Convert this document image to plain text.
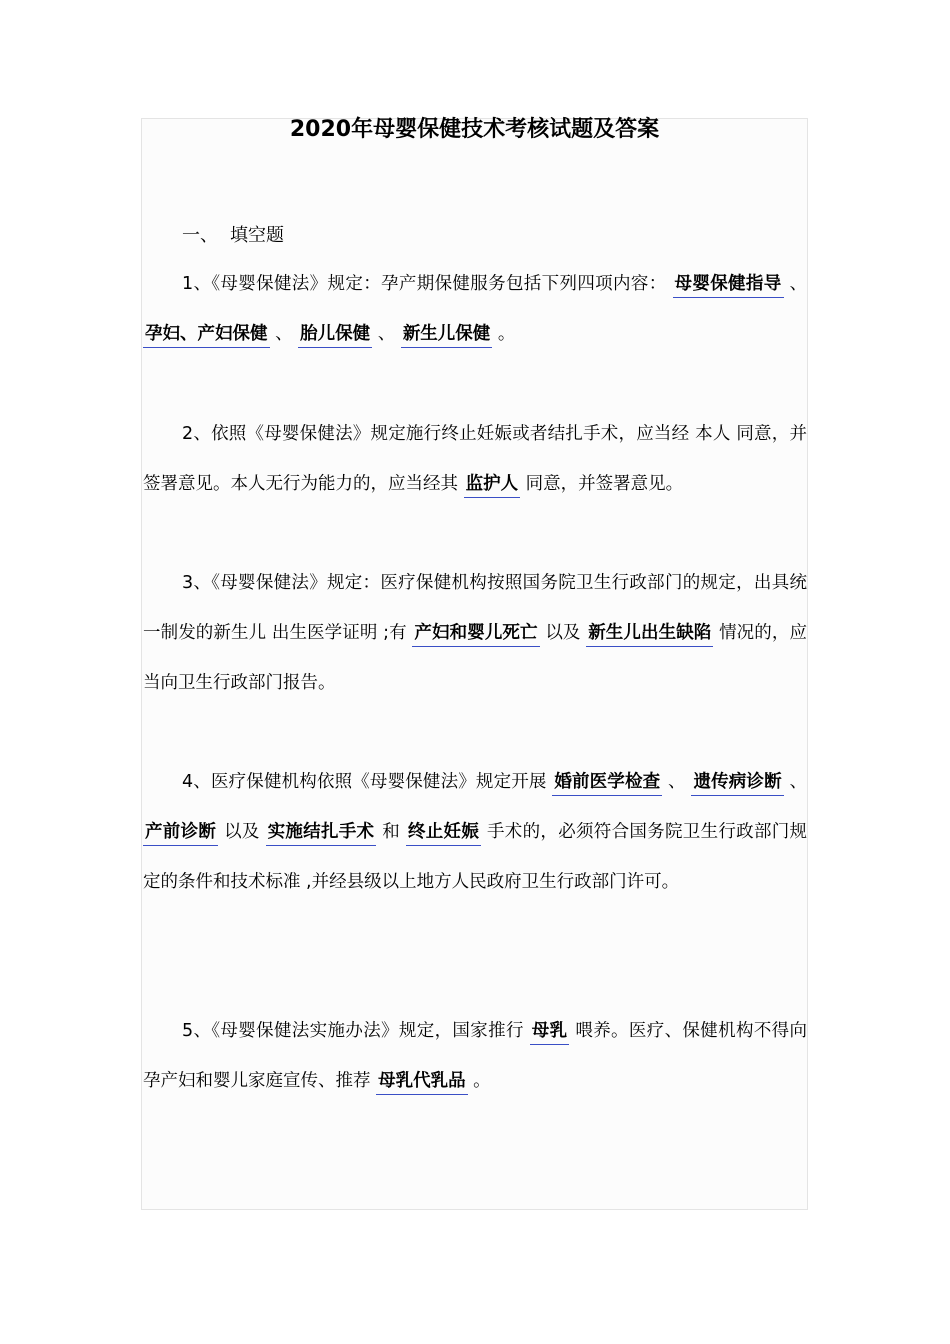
2020年母婴保健技术考核试题及答案
一、 填空题

1、《母婴保健法》规定：孕产期保健服务包括下列四项内容： 母婴保健指导 、 孕妇、产妇保健 、 胎儿保健 、 新生儿保健 。

2、依照《母婴保健法》规定施行终止妊娠或者结扎手术，应当经 本人 同意，并签署意见。本人无行为能力的，应当经其 监护人 同意，并签署意见。

3、《母婴保健法》规定：医疗保健机构按照国务院卫生行政部门的规定，出具统一制发的新生儿 出生医学证明 ;有 产妇和婴儿死亡 以及 新生儿出生缺陷 情况的，应当向卫生行政部门报告。

4、医疗保健机构依照《母婴保健法》规定开展 婚前医学检查 、 遗传病诊断 、 产前诊断 以及 实施结扎手术 和 终止妊娠 手术的，必须符合国务院卫生行政部门规定的条件和技术标准 ,并经县级以上地方人民政府卫生行政部门许可。

5、《母婴保健法实施办法》规定，国家推行 母乳 喂养。医疗、保健机构不得向孕产妇和婴儿家庭宣传、推荐 母乳代乳品 。
